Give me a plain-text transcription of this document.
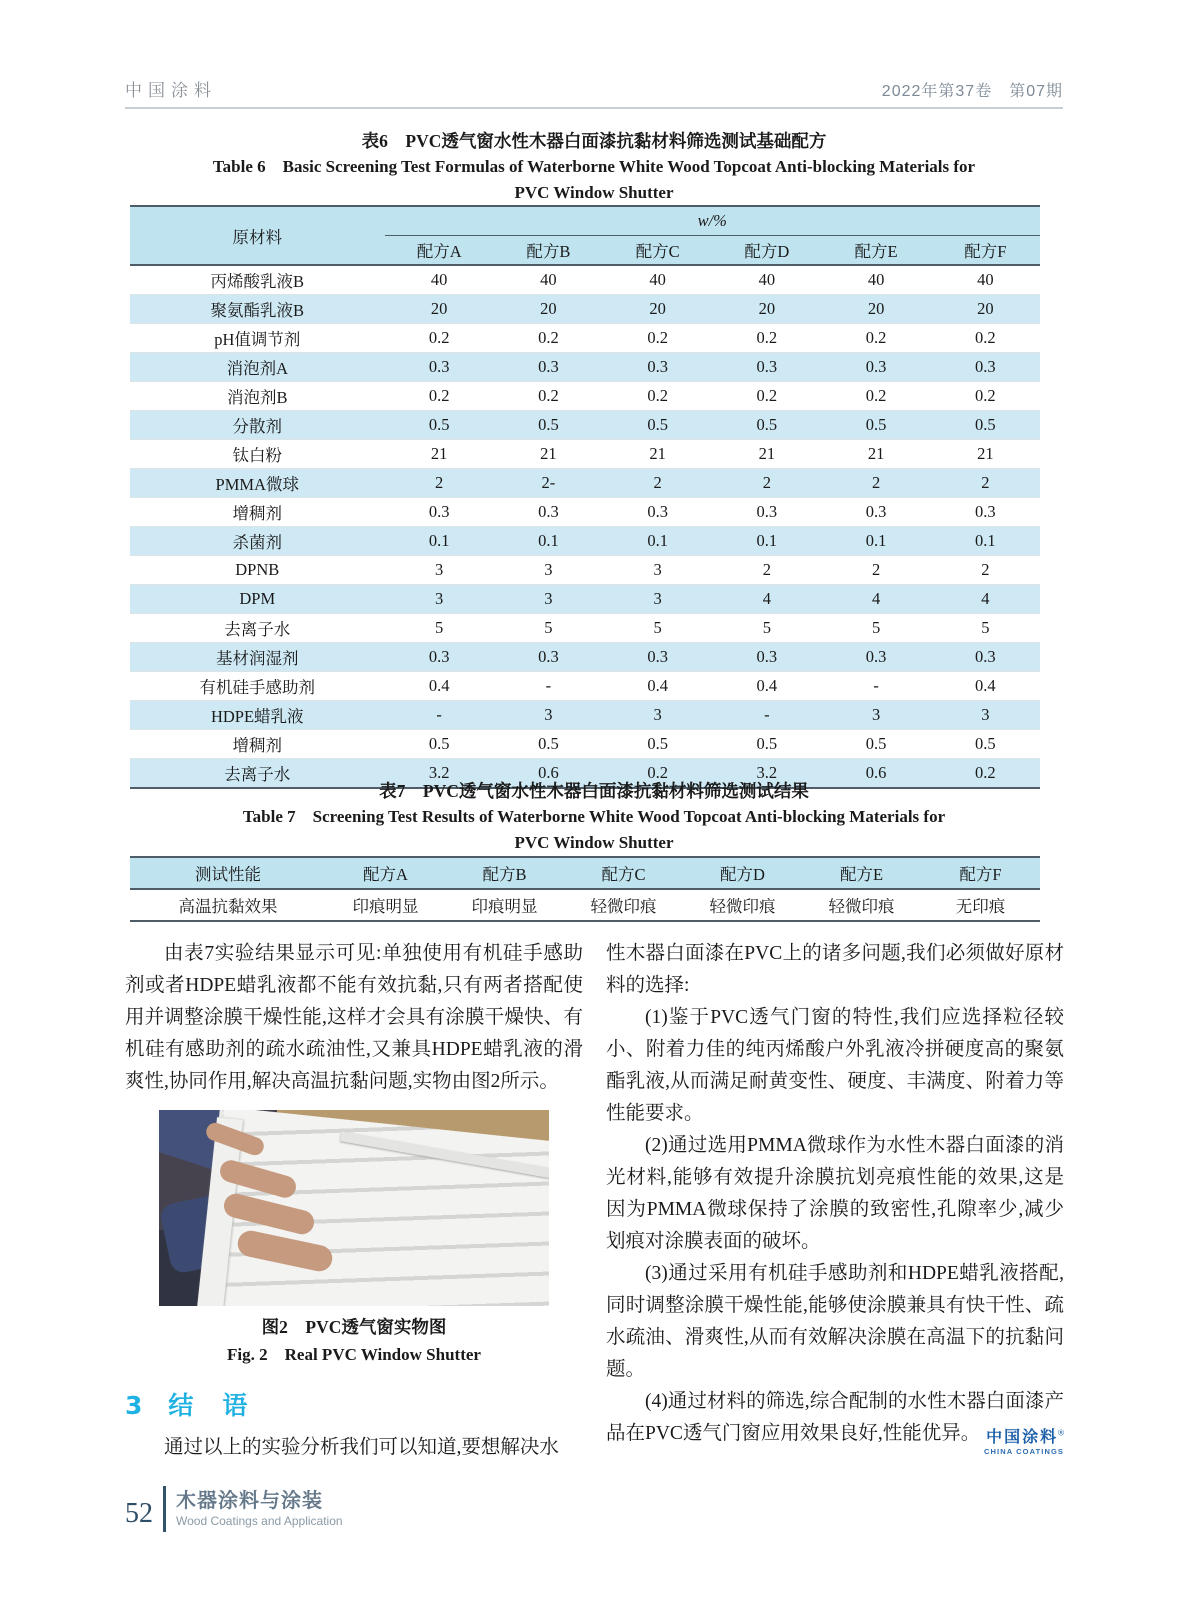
中国涂料	2022年第37卷　第07期
表6　PVC透气窗水性木器白面漆抗黏材料筛选测试基础配方
Table 6　Basic Screening Test Formulas of Waterborne White Wood Topcoat Anti-blocking Materials for
PVC Window Shutter
原材料	w/%					
	配方A	配方B	配方C	配方D	配方E	配方F
丙烯酸乳液B	40	40	40	40	40	40
聚氨酯乳液B	20	20	20	20	20	20
pH值调节剂	0.2	0.2	0.2	0.2	0.2	0.2
消泡剂A	0.3	0.3	0.3	0.3	0.3	0.3
消泡剂B	0.2	0.2	0.2	0.2	0.2	0.2
分散剂	0.5	0.5	0.5	0.5	0.5	0.5
钛白粉	21	21	21	21	21	21
PMMA微球	2	2-	2	2	2	2
增稠剂	0.3	0.3	0.3	0.3	0.3	0.3
杀菌剂	0.1	0.1	0.1	0.1	0.1	0.1
DPNB	3	3	3	2	2	2
DPM	3	3	3	4	4	4
去离子水	5	5	5	5	5	5
基材润湿剂	0.3	0.3	0.3	0.3	0.3	0.3
有机硅手感助剂	0.4	-	0.4	0.4	-	0.4
HDPE蜡乳液	-	3	3	-	3	3
增稠剂	0.5	0.5	0.5	0.5	0.5	0.5
去离子水	3.2	0.6	0.2	3.2	0.6	0.2
表7　PVC透气窗水性木器白面漆抗黏材料筛选测试结果
Table 7　Screening Test Results of Waterborne White Wood Topcoat Anti-blocking Materials for
PVC Window Shutter
测试性能	配方A	配方B	配方C	配方D	配方E	配方F
高温抗黏效果	印痕明显	印痕明显	轻微印痕	轻微印痕	轻微印痕	无印痕

由表7实验结果显示可见:单独使用有机硅手感助剂或者HDPE蜡乳液都不能有效抗黏,只有两者搭配使用并调整涂膜干燥性能,这样才会具有涂膜干燥快、有机硅有感助剂的疏水疏油性,又兼具HDPE蜡乳液的滑爽性,协同作用,解决高温抗黏问题,实物由图2所示。

图2　PVC透气窗实物图
Fig. 2　Real PVC Window Shutter
3 结　语

通过以上的实验分析我们可以知道,要想解决水

性木器白面漆在PVC上的诸多问题,我们必须做好原材料的选择:

(1)鉴于PVC透气门窗的特性,我们应选择粒径较小、附着力佳的纯丙烯酸户外乳液冷拼硬度高的聚氨酯乳液,从而满足耐黄变性、硬度、丰满度、附着力等性能要求。

(2)通过选用PMMA微球作为水性木器白面漆的消光材料,能够有效提升涂膜抗划亮痕性能的效果,这是因为PMMA微球保持了涂膜的致密性,孔隙率少,减少划痕对涂膜表面的破坏。

(3)通过采用有机硅手感助剂和HDPE蜡乳液搭配,同时调整涂膜干燥性能,能够使涂膜兼具有快干性、疏水疏油、滑爽性,从而有效解决涂膜在高温下的抗黏问题。

(4)通过材料的筛选,综合配制的水性木器白面漆产品在PVC透气门窗应用效果良好,性能优异。 中国涂料®
CHINA COATINGS
52 木器涂料与涂装
Wood Coatings and Application
